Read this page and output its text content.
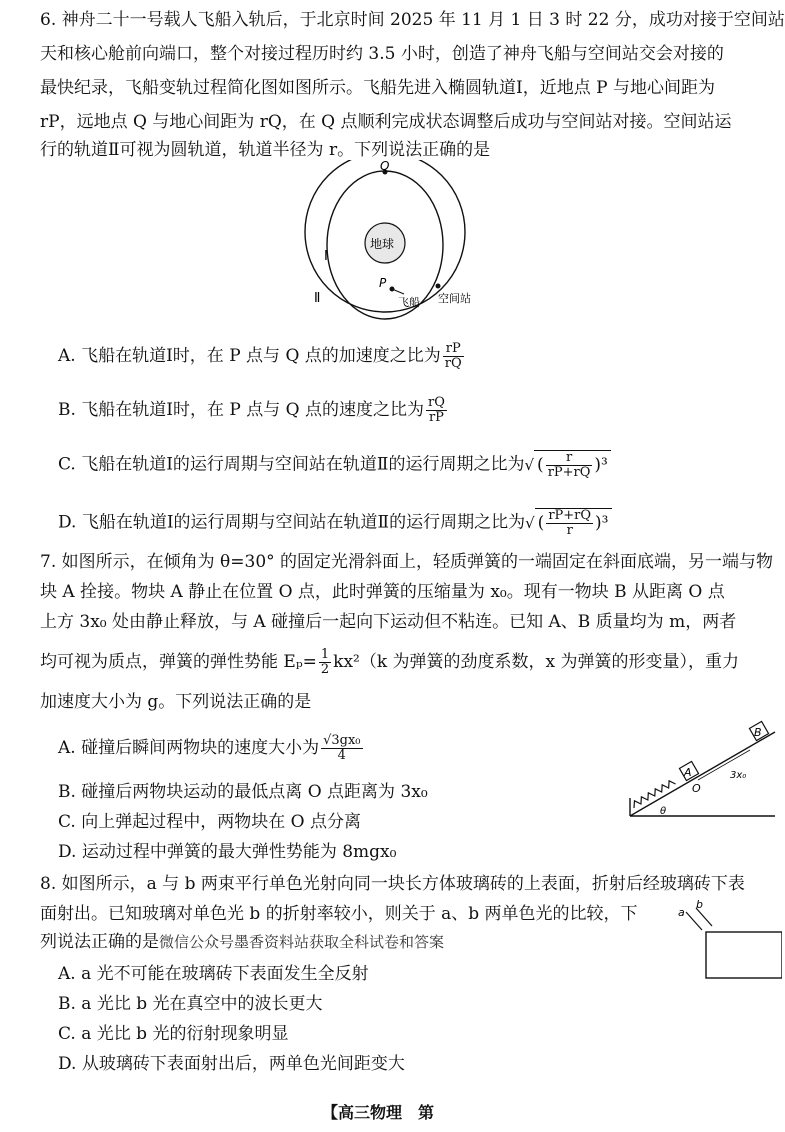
6. 神舟二十一号载人飞船入轨后，于北京时间 2025 年 11 月 1 日 3 时 22 分，成功对接于空间站
天和核心舱前向端口，整个对接过程历时约 3.5 小时，创造了神舟飞船与空间站交会对接的
最快纪录，飞船变轨过程简化图如图所示。飞船先进入椭圆轨道Ⅰ，近地点 P 与地心间距为
rP，远地点 Q 与地心间距为 rQ，在 Q 点顺利完成状态调整后成功与空间站对接。空间站运
行的轨道Ⅱ可视为圆轨道，轨道半径为 r。下列说法正确的是
地球
Q
P
Ⅰ
Ⅱ	飞船 空间站
A. 飞船在轨道Ⅰ时，在 P 点与 Q 点的加速度之比为 $\frac{rP}{rQ}$
B. 飞船在轨道Ⅰ时，在 P 点与 Q 点的速度之比为 $\frac{rQ}{rP}$
C. 飞船在轨道Ⅰ的运行周期与空间站在轨道Ⅱ的运行周期之比为√ ( $\frac{r}{rP+rQ} )^3$
D. 飞船在轨道Ⅰ的运行周期与空间站在轨道Ⅱ的运行周期之比为√ ( $\frac{rP+rQ}{r} )^3$
7. 如图所示，在倾角为 θ=30° 的固定光滑斜面上，轻质弹簧的一端固定在斜面底端，另一端与物
块 A 拴接。物块 A 静止在位置 O 点，此时弹簧的压缩量为 x₀。现有一物块 B 从距离 O 点
上方 3x₀ 处由静止释放，与 A 碰撞后一起向下运动但不粘连。已知 A、B 质量均为 m，两者
均可视为质点，弹簧的弹性势能 $E_p= \frac{1}{2} kx^2(k$ 为弹簧的劲度系数，x 为弹簧的形变量），重力
加速度大小为 g。下列说法正确的是
A. 碰撞后瞬间两物块的速度大小为 $\frac{\text{√3gx₀}}{4}$
B. 碰撞后两物块运动的最低点离 O 点距离为 3x₀
C. 向上弹起过程中，两物块在 O 点分离
D. 运动过程中弹簧的最大弹性势能为 8mgx₀
A
B
O
3x₀
θ
8. 如图所示，a 与 b 两束平行单色光射向同一块长方体玻璃砖的上表面，折射后经玻璃砖下表
面射出。已知玻璃对单色光 b 的折射率较小，则关于 a、b 两单色光的比较，下
列说法正确的是微信公众号墨香资料站获取全科试卷和答案
A. a 光不可能在玻璃砖下表面发生全反射
B. a 光比 b 光在真空中的波长更大
C. a 光比 b 光的衍射现象明显
D. 从玻璃砖下表面射出后，两单色光间距变大
a
b
【高三物理　第
